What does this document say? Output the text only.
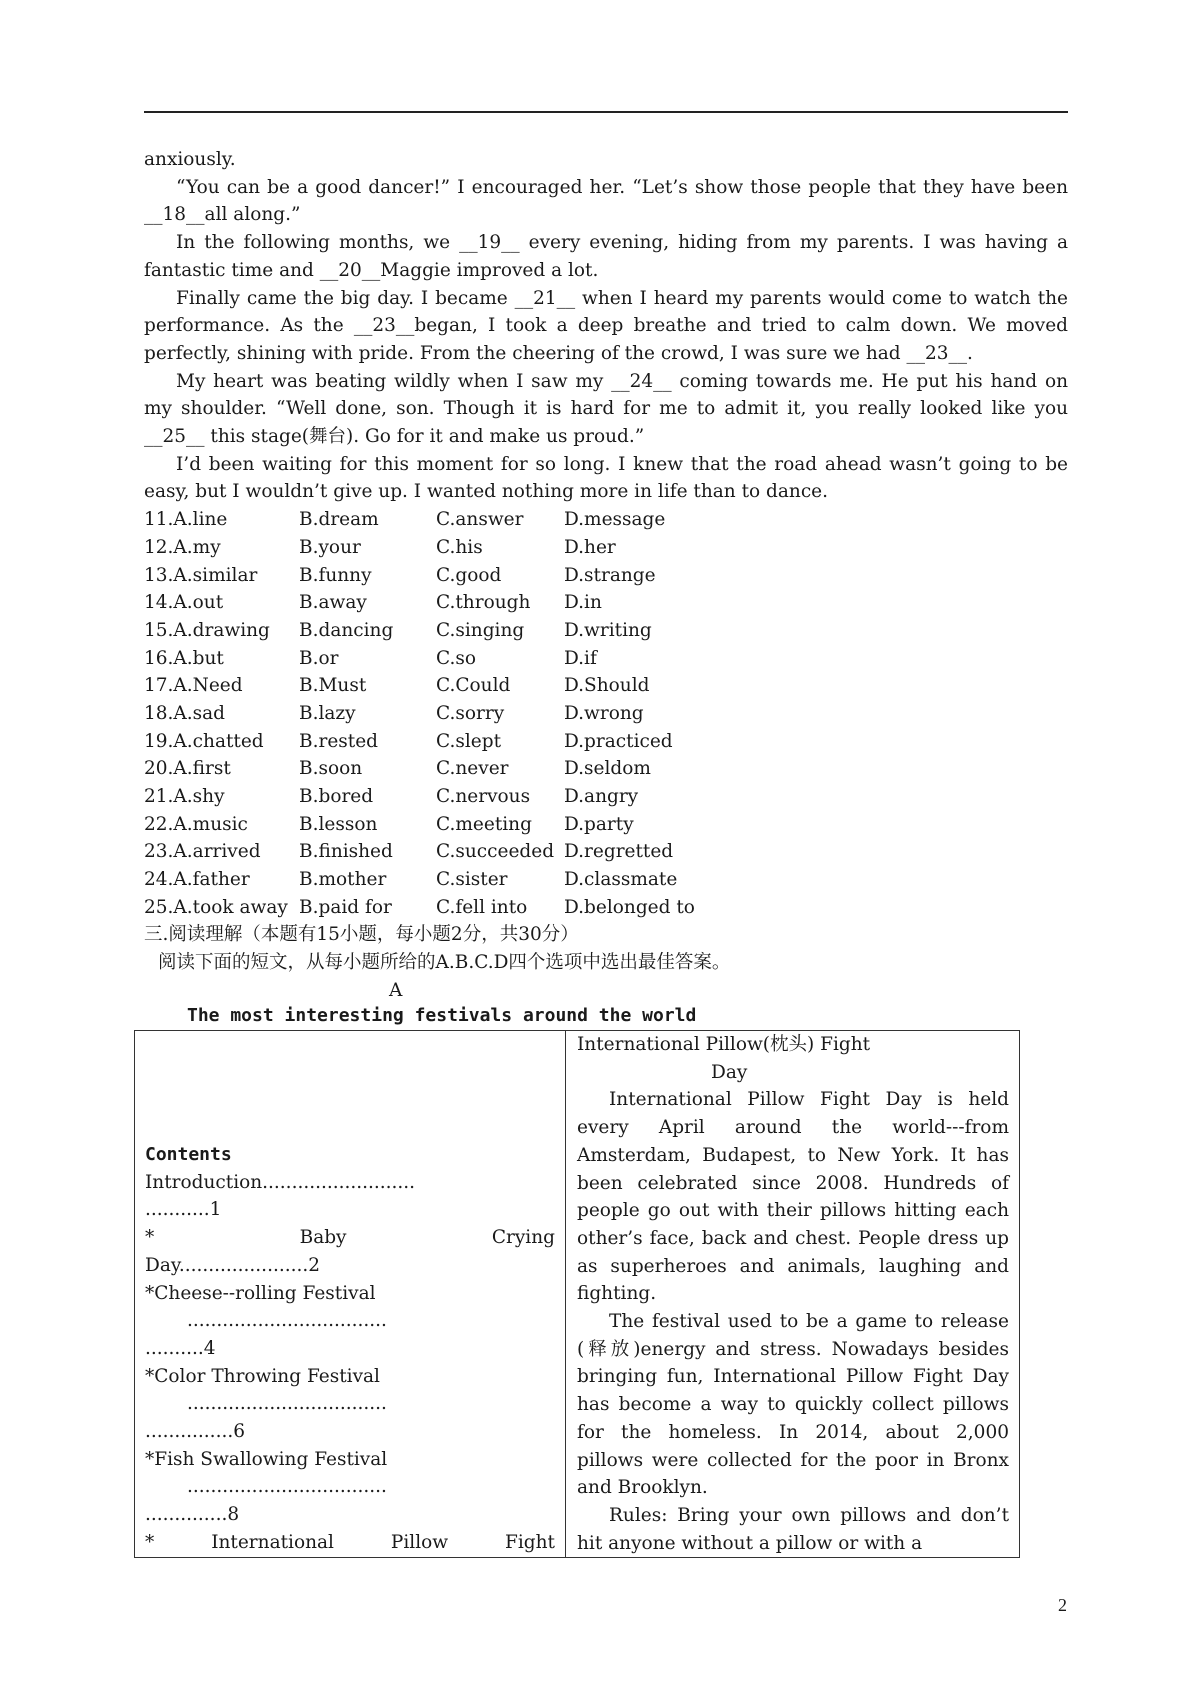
anxiously.

“You can be a good dancer!” I encouraged her. “Let’s show those people that they have been __18__all along.”

In the following months, we __19__ every evening, hiding from my parents. I was having a fantastic time and __20__Maggie improved a lot.

Finally came the big day. I became __21__ when I heard my parents would come to watch the performance. As the __23__began, I took a deep breathe and tried to calm down. We moved perfectly, shining with pride. From the cheering of the crowd, I was sure we had __23__.

My heart was beating wildly when I saw my __24__ coming towards me. He put his hand on my shoulder. “Well done, son. Though it is hard for me to admit it, you really looked like you __25__ this stage(舞台). Go for it and make us proud.”

I’d been waiting for this moment for so long. I knew that the road ahead wasn’t going to be easy, but I wouldn’t give up. I wanted nothing more in life than to dance.

11.A.line	B.dream	C.answer D.message
12.A.my	B.your	C.his	D.her
13.A.similar B.funny	C.good	D.strange
14.A.out	B.away	C.through D.in
15.A.drawing B.dancing C.singing D.writing
16.A.but	B.or	C.so	D.if
17.A.Need	B.Must	C.Could	D.Should
18.A.sad	B.lazy	C.sorry	D.wrong
19.A.chatted B.rested	C.slept	D.practiced
20.A.first	B.soon	C.never	D.seldom
21.A.shy	B.bored	C.nervous D.angry
22.A.music	B.lesson	C.meeting D.party
23.A.arrived B.finished C.succeeded D.regretted
24.A.father	B.mother	C.sister	D.classmate
25.A.took away B.paid for C.fell into D.belonged to
三.阅读理解（本题有15小题，每小题2分，共30分）
阅读下面的短文，从每小题所给的A.B.C.D四个选项中选出最佳答案。
A
The most interesting festivals around the world
Contents
Introduction..........................
...........1
*	Baby	Crying
Day......................2
*Cheese--rolling Festival
..................................
..........4
*Color Throwing Festival
..................................
...............6
*Fish Swallowing Festival
..................................
..............8
*	International	Pillow	Fight

International Pillow(枕头) Fight

Day

International Pillow Fight Day is held every April around the world---from Amsterdam, Budapest, to New York. It has been celebrated since 2008. Hundreds of people go out with their pillows hitting each other’s face, back and chest. People dress up as superheroes and animals, laughing and fighting.

The festival used to be a game to release (释放)energy and stress. Nowadays besides bringing fun, International Pillow Fight Day has become a way to quickly collect pillows for the homeless. In 2014, about 2,000 pillows were collected for the poor in Bronx and Brooklyn.

Rules: Bring your own pillows and don’t hit anyone without a pillow or with a

2
